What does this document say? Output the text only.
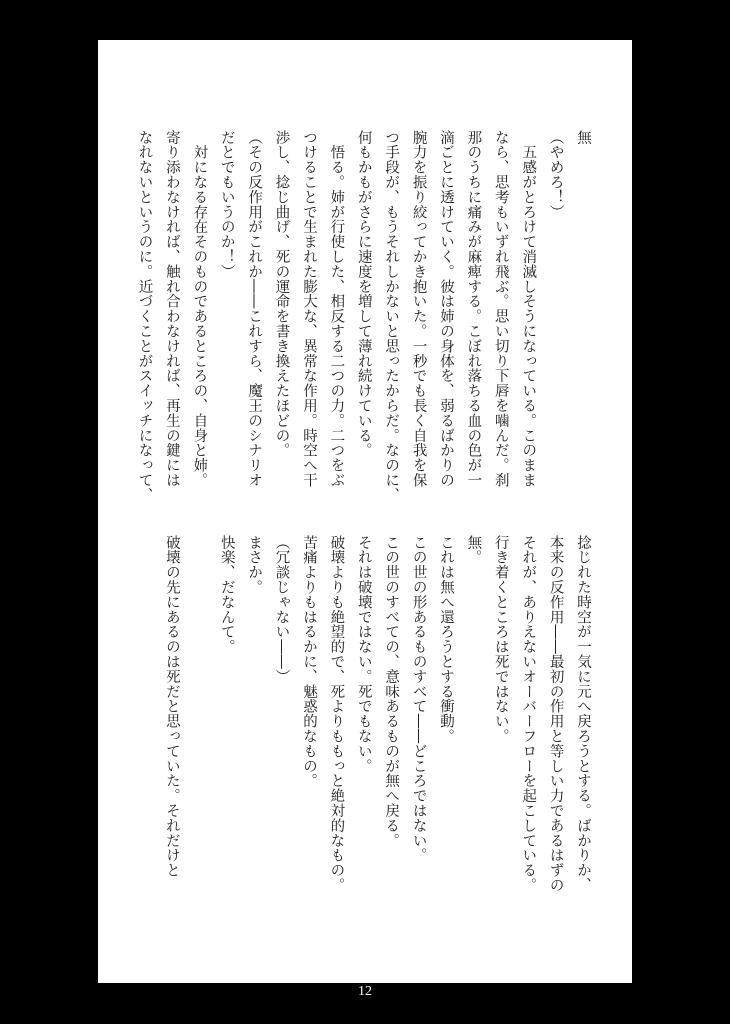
無
（やめろ！）
　五感がとろけて消滅しそうになっている。このまま
なら、思考もいずれ飛ぶ。思い切り下唇を噛んだ。刹
那のうちに痛みが麻痺する。こぼれ落ちる血の色が一
滴ごとに透けていく。彼は姉の身体を、弱るばかりの
腕力を振り絞ってかき抱いた。一秒でも長く自我を保
つ手段が、もうそれしかないと思ったからだ。なのに、
何もかもがさらに速度を増して薄れ続けている。
　悟る。姉が行使した、相反する二つの力。二つをぶ
つけることで生まれた膨大な、異常な作用。時空へ干
渉し、捻じ曲げ、死の運命を書き換えたほどの。
（その反作用がこれか――これすら、魔王のシナリオ
だとでもいうのか！）
　対になる存在そのものであるところの、自身と姉。
寄り添わなければ、触れ合わなければ、再生の鍵には
なれないというのに。近づくことがスイッチになって、
捻じれた時空が一気に元へ戻ろうとする。ばかりか、
本来の反作用――最初の作用と等しい力であるはずの
それが、ありえないオーバーフローを起こしている。
行き着くところは死ではない。
無。
これは無へ還ろうとする衝動。
この世の形あるものすべて――どころではない。
この世のすべての、意味あるものが無へ戻る。
それは破壊ではない。死でもない。
破壊よりも絶望的で、死よりももっと絶対的なもの。
苦痛よりもはるかに、魅惑的なもの。
（冗談じゃない――）
まさか。
快楽、だなんて。

破壊の先にあるのは死だと思っていた。それだけと
12
